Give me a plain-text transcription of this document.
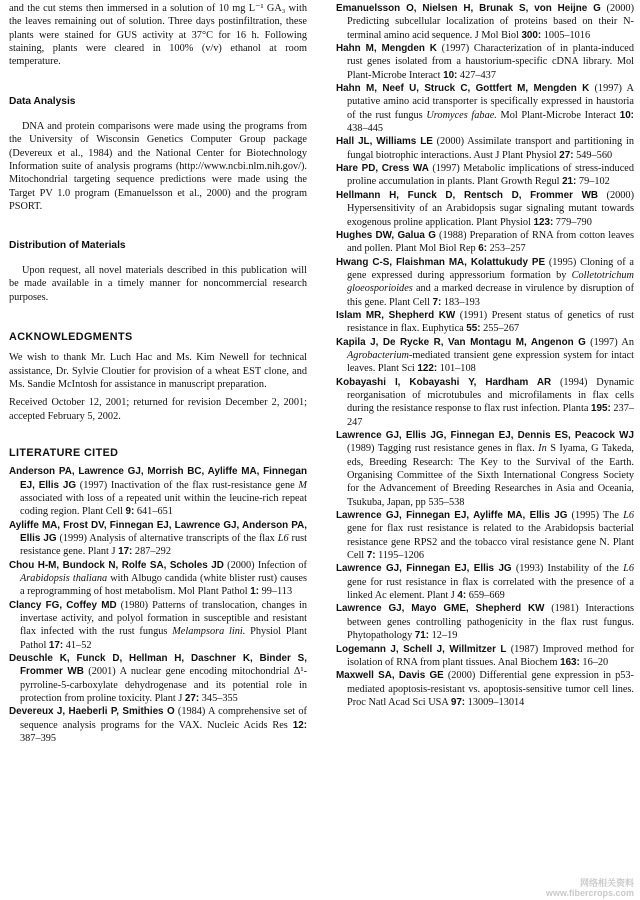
and the cut stems then immersed in a solution of 10 mg L⁻¹ GA₃ with the leaves remaining out of solution. Three days postinfiltration, these plants were stained for GUS activity at 37°C for 16 h. Following staining, plants were cleared in 100% (v/v) ethanol at room temperature.

Data Analysis

DNA and protein comparisons were made using the programs from the University of Wisconsin Genetics Computer Group package (Devereux et al., 1984) and the National Center for Biotechnology Information suite of analysis programs (http://www.ncbi.nlm.nih.gov/). Mitochondrial targeting sequence predictions were made using the Target PV 1.0 program (Emanuelsson et al., 2000) and the program PSORT.

Distribution of Materials

Upon request, all novel materials described in this publication will be made available in a timely manner for noncommercial research purposes.

ACKNOWLEDGMENTS

We wish to thank Mr. Luch Hac and Ms. Kim Newell for technical assistance, Dr. Sylvie Cloutier for provision of a wheat EST clone, and Ms. Sandie McIntosh for assistance in manuscript preparation.

Received October 12, 2001; returned for revision December 2, 2001; accepted February 5, 2002.

LITERATURE CITED

Anderson PA, Lawrence GJ, Morrish BC, Ayliffe MA, Finnegan EJ, Ellis JG (1997) Inactivation of the flax rust-resistance gene M associated with loss of a repeated unit within the leucine-rich repeat coding region. Plant Cell 9: 641–651

Ayliffe MA, Frost DV, Finnegan EJ, Lawrence GJ, Anderson PA, Ellis JG (1999) Analysis of alternative transcripts of the flax L6 rust resistance gene. Plant J 17: 287–292

Chou H-M, Bundock N, Rolfe SA, Scholes JD (2000) Infection of Arabidopsis thaliana with Albugo candida (white blister rust) causes a reprogramming of host metabolism. Mol Plant Pathol 1: 99–113

Clancy FG, Coffey MD (1980) Patterns of translocation, changes in invertase activity, and polyol formation in susceptible and resistant flax infected with the rust fungus Melampsora lini. Physiol Plant Pathol 17: 41–52

Deuschle K, Funck D, Hellman H, Daschner K, Binder S, Frommer WB (2001) A nuclear gene encoding mitochondrial Δ¹-pyrroline-5-carboxylate dehydrogenase and its potential role in protection from proline toxicity. Plant J 27: 345–355

Devereux J, Haeberli P, Smithies O (1984) A comprehensive set of sequence analysis programs for the VAX. Nucleic Acids Res 12: 387–395

Emanuelsson O, Nielsen H, Brunak S, von Heijne G (2000) Predicting subcellular localization of proteins based on their N-terminal amino acid sequence. J Mol Biol 300: 1005–1016

Hahn M, Mengden K (1997) Characterization of in planta-induced rust genes isolated from a haustorium-specific cDNA library. Mol Plant-Microbe Interact 10: 427–437

Hahn M, Neef U, Struck C, Gottfert M, Mengden K (1997) A putative amino acid transporter is specifically expressed in haustoria of the rust fungus Uromyces fabae. Mol Plant-Microbe Interact 10: 438–445

Hall JL, Williams LE (2000) Assimilate transport and partitioning in fungal biotrophic interactions. Aust J Plant Physiol 27: 549–560

Hare PD, Cress WA (1997) Metabolic implications of stress-induced proline accumulation in plants. Plant Growth Regul 21: 79–102

Hellmann H, Funck D, Rentsch D, Frommer WB (2000) Hypersensitivity of an Arabidopsis sugar signaling mutant towards exogenous proline application. Plant Physiol 123: 779–790

Hughes DW, Galua G (1988) Preparation of RNA from cotton leaves and pollen. Plant Mol Biol Rep 6: 253–257

Hwang C-S, Flaishman MA, Kolattukudy PE (1995) Cloning of a gene expressed during appressorium formation by Colletotrichum gloeosporioides and a marked decrease in virulence by disruption of this gene. Plant Cell 7: 183–193

Islam MR, Shepherd KW (1991) Present status of genetics of rust resistance in flax. Euphytica 55: 255–267

Kapila J, De Rycke R, Van Montagu M, Angenon G (1997) An Agrobacterium-mediated transient gene expression system for intact leaves. Plant Sci 122: 101–108

Kobayashi I, Kobayashi Y, Hardham AR (1994) Dynamic reorganisation of microtubules and microfilaments in flax cells during the resistance response to flax rust infection. Planta 195: 237–247

Lawrence GJ, Ellis JG, Finnegan EJ, Dennis ES, Peacock WJ (1989) Tagging rust resistance genes in flax. In S Iyama, G Takeda, eds, Breeding Research: The Key to the Survival of the Earth. Organising Committee of the Sixth International Congress Society for the Advancement of Breeding Researches in Asia and Oceania, Tsukuba, Japan, pp 535–538

Lawrence GJ, Finnegan EJ, Ayliffe MA, Ellis JG (1995) The L6 gene for flax rust resistance is related to the Arabidopsis bacterial resistance gene RPS2 and the tobacco viral resistance gene N. Plant Cell 7: 1195–1206

Lawrence GJ, Finnegan EJ, Ellis JG (1993) Instability of the L6 gene for rust resistance in flax is correlated with the presence of a linked Ac element. Plant J 4: 659–669

Lawrence GJ, Mayo GME, Shepherd KW (1981) Interactions between genes controlling pathogenicity in the flax rust fungus. Phytopathology 71: 12–19

Logemann J, Schell J, Willmitzer L (1987) Improved method for isolation of RNA from plant tissues. Anal Biochem 163: 16–20

Maxwell SA, Davis GE (2000) Differential gene expression in p53-mediated apoptosis-resistant vs. apoptosis-sensitive tumor cell lines. Proc Natl Acad Sci USA 97: 13009–13014

网络相关资料
www.fibercrops.com
